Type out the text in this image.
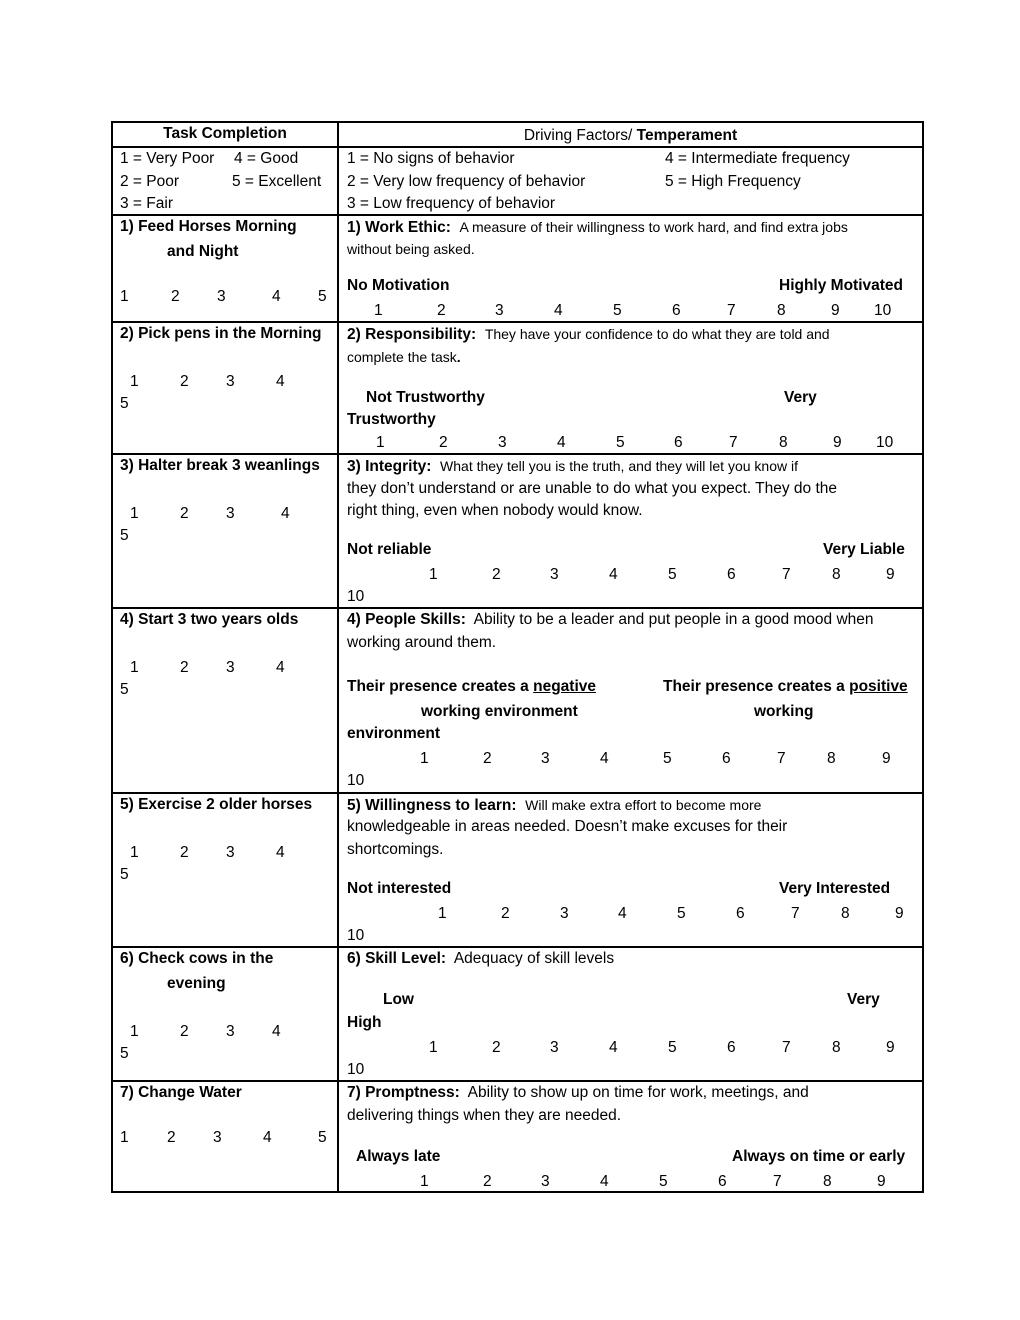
Task Completion	Driving Factors/ Temperament
1 = Very Poor 4 = Good
2 = Poor	5 = Excellent
3 = Fair
1 = No signs of behavior	4 = Intermediate frequency
2 = Very low frequency of behavior	5 = High Frequency
3 = Low frequency of behavior
1) Feed Horses Morning
and Night
1	2 3	4 5
1) Work Ethic: A measure of their willingness to work hard, and find extra jobs
without being asked.
No Motivation	Highly Motivated
1	2	3	4	5	6	7	8	9 10
2) Pick pens in the Morning
1	2 3	4
5
2) Responsibility: They have your confidence to do what they are told and
complete the task.
Not Trustworthy	Very
Trustworthy
1	2	3	4	5	6	7	8	9 10
3) Halter break 3 weanlings
1	2 3	4
5
3) Integrity: What they tell you is the truth, and they will let you know if
they don’t understand or are unable to do what you expect. They do the
right thing, even when nobody would know.
Not reliable	Very Liable
1	2	3	4	5	6	7	8	9
10
4) Start 3 two years olds
1	2 3	4
5
4) People Skills: Ability to be a leader and put people in a good mood when
working around them.
Their presence creates a negative
working environment
Their presence creates a positive
working
environment
1	2	3	4	5	6	7	8	9
10
5) Exercise 2 older horses
1	2 3	4
5
5) Willingness to learn: Will make extra effort to become more
knowledgeable in areas needed. Doesn’t make excuses for their
shortcomings.
Not interested	Very Interested
1	2	3	4	5	6	7	8	9
10
6) Check cows in the
evening
1	2 3 4
5
6) Skill Level: Adequacy of skill levels
Low	Very
High
1	2	3	4	5	6	7	8	9
10
7) Change Water
1 2 3	4	5
7) Promptness: Ability to show up on time for work, meetings, and
delivering things when they are needed.
Always late	Always on time or early
1	2	3	4	5	6	7	8	9
